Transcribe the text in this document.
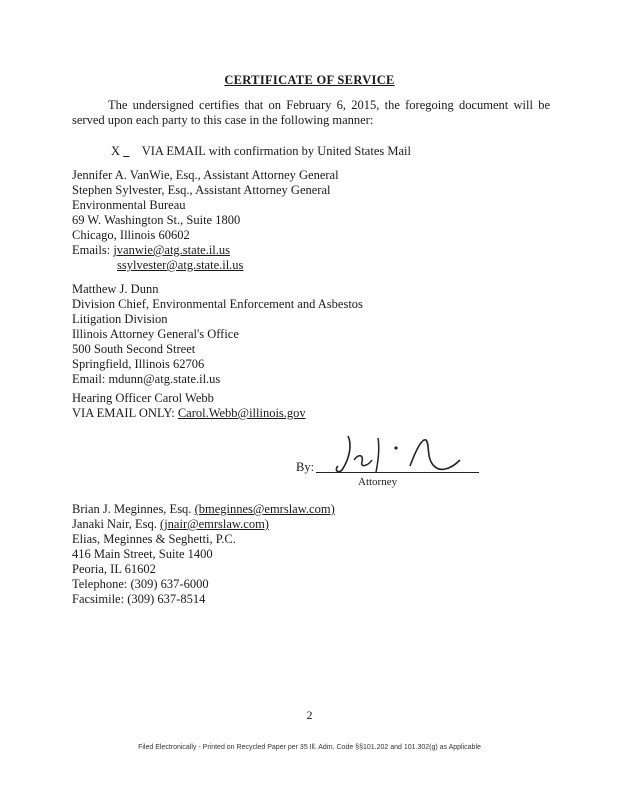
CERTIFICATE OF SERVICE
The undersigned certifies that on February 6, 2015, the foregoing document will be served upon each party to this case in the following manner:
X VIA EMAIL with confirmation by United States Mail
Jennifer A. VanWie, Esq., Assistant Attorney General
Stephen Sylvester, Esq., Assistant Attorney General
Environmental Bureau
69 W. Washington St., Suite 1800
Chicago, Illinois 60602
Emails: jvanwie@atg.state.il.us
ssylvester@atg.state.il.us
Matthew J. Dunn
Division Chief, Environmental Enforcement and Asbestos
Litigation Division
Illinois Attorney General's Office
500 South Second Street
Springfield, Illinois 62706
Email: mdunn@atg.state.il.us
Hearing Officer Carol Webb
VIA EMAIL ONLY: Carol.Webb@illinois.gov
By:
Attorney
Brian J. Meginnes, Esq. (bmeginnes@emrslaw.com)
Janaki Nair, Esq. (jnair@emrslaw.com)
Elias, Meginnes & Seghetti, P.C.
416 Main Street, Suite 1400
Peoria, IL 61602
Telephone: (309) 637-6000
Facsimile: (309) 637-8514
2
Filed Electronically - Printed on Recycled Paper per 35 Ill. Adm. Code §§101.202 and 101.302(g) as Applicable
